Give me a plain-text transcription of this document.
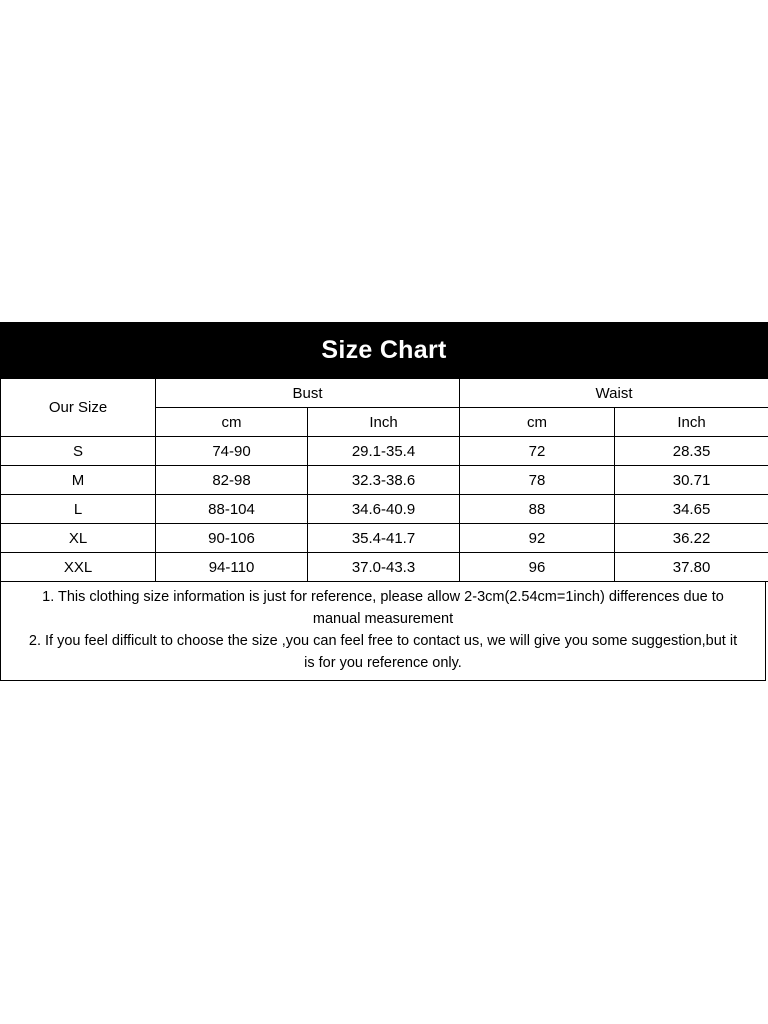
Size Chart
Our Size	Bust		Waist	
	cm	Inch	cm	Inch
S	74-90	29.1-35.4	72	28.35
M	82-98	32.3-38.6	78	30.71
L	88-104	34.6-40.9	88	34.65
XL	90-106	35.4-41.7	92	36.22
XXL	94-110	37.0-43.3	96	37.80
1. This clothing size information is just for reference, please allow 2-3cm(2.54cm=1inch) differences due to
manual measurement
2. If you feel difficult to choose the size ,you can feel free to contact us, we will give you some suggestion,but it
is for you reference only.
